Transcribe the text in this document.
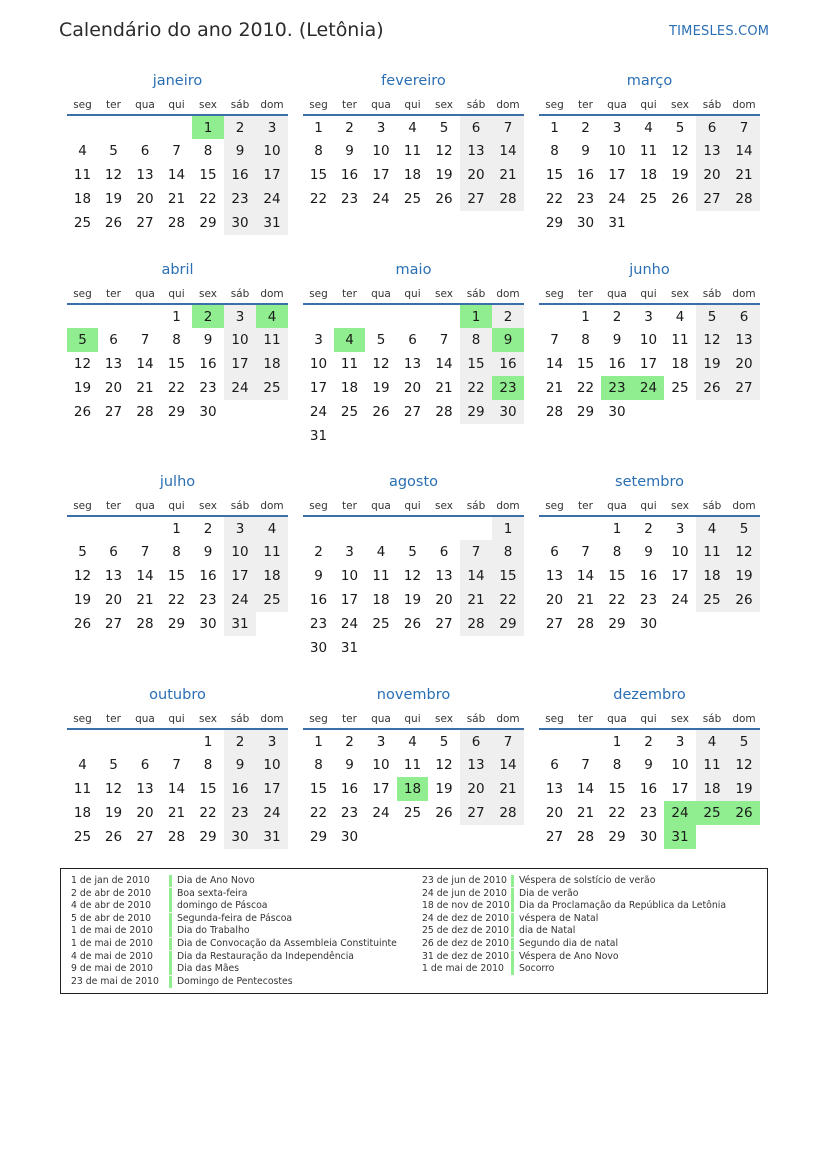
Calendário do ano 2010. (Letônia)	TIMESLES.COM
janeiro
seg	ter	qua	qui	sex	sáb	dom
				1	2	3
4	5	6	7	8	9	10
11	12	13	14	15	16	17
18	19	20	21	22	23	24
25	26	27	28	29	30	31
fevereiro
seg	ter	qua	qui	sex	sáb	dom
1	2	3	4	5	6	7
8	9	10	11	12	13	14
15	16	17	18	19	20	21
22	23	24	25	26	27	28
março
seg	ter	qua	qui	sex	sáb	dom
1	2	3	4	5	6	7
8	9	10	11	12	13	14
15	16	17	18	19	20	21
22	23	24	25	26	27	28
29	30	31				
abril
seg	ter	qua	qui	sex	sáb	dom
			1	2	3	4
5	6	7	8	9	10	11
12	13	14	15	16	17	18
19	20	21	22	23	24	25
26	27	28	29	30		
maio
seg	ter	qua	qui	sex	sáb	dom
					1	2
3	4	5	6	7	8	9
10	11	12	13	14	15	16
17	18	19	20	21	22	23
24	25	26	27	28	29	30
31						
junho
seg	ter	qua	qui	sex	sáb	dom
	1	2	3	4	5	6
7	8	9	10	11	12	13
14	15	16	17	18	19	20
21	22	23	24	25	26	27
28	29	30				
julho
seg	ter	qua	qui	sex	sáb	dom
			1	2	3	4
5	6	7	8	9	10	11
12	13	14	15	16	17	18
19	20	21	22	23	24	25
26	27	28	29	30	31	
agosto
seg	ter	qua	qui	sex	sáb	dom
						1
2	3	4	5	6	7	8
9	10	11	12	13	14	15
16	17	18	19	20	21	22
23	24	25	26	27	28	29
30	31					
setembro
seg	ter	qua	qui	sex	sáb	dom
		1	2	3	4	5
6	7	8	9	10	11	12
13	14	15	16	17	18	19
20	21	22	23	24	25	26
27	28	29	30			
outubro
seg	ter	qua	qui	sex	sáb	dom
				1	2	3
4	5	6	7	8	9	10
11	12	13	14	15	16	17
18	19	20	21	22	23	24
25	26	27	28	29	30	31
novembro
seg	ter	qua	qui	sex	sáb	dom
1	2	3	4	5	6	7
8	9	10	11	12	13	14
15	16	17	18	19	20	21
22	23	24	25	26	27	28
29	30					
dezembro
seg	ter	qua	qui	sex	sáb	dom
		1	2	3	4	5
6	7	8	9	10	11	12
13	14	15	16	17	18	19
20	21	22	23	24	25	26
27	28	29	30	31		
1 de jan de 2010	Dia de Ano Novo
2 de abr de 2010	Boa sexta-feira
4 de abr de 2010	domingo de Páscoa
5 de abr de 2010	Segunda-feira de Páscoa
1 de mai de 2010	Dia do Trabalho
1 de mai de 2010	Dia de Convocação da Assembleia Constituinte
4 de mai de 2010	Dia da Restauração da Independência
9 de mai de 2010	Dia das Mães
23 de mai de 2010 Domingo de Pentecostes
23 de jun de 2010 Véspera de solstício de verão
24 de jun de 2010 Dia de verão
18 de nov de 2010 Dia da Proclamação da República da Letônia
24 de dez de 2010 véspera de Natal
25 de dez de 2010 dia de Natal
26 de dez de 2010 Segundo dia de natal
31 de dez de 2010 Véspera de Ano Novo
1 de mai de 2010 Socorro
